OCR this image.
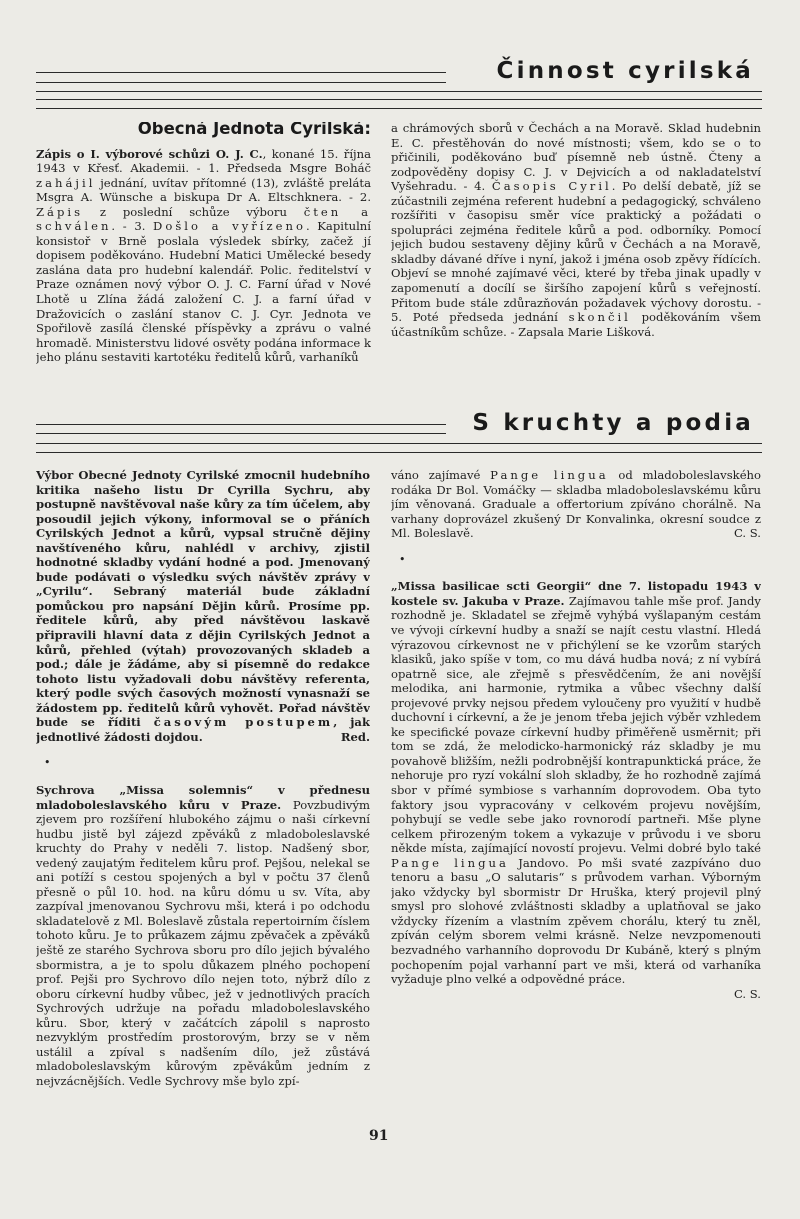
Činnost cyrilská
Obecná Jednota Cyrilská:

Zápis o I. výborové schůzi O. J. C., konané 15. října 1943 v Křesť. Akademii. - 1. Předseda Msgre Boháč zahájil jednání, uvítav přítomné (13), zvláště preláta Msgra A. Wünsche a biskupa Dr A. Eltschknera. - 2. Zápis z poslední schůze výboru čten a schválen. - 3. Došlo a vyřízeno. Kapitulní konsistoř v Brně poslala výsledek sbírky, začež jí dopisem poděkováno. Hudební Matici Umělecké besedy zaslána data pro hudební kalendář. Polic. ředitelství v Praze oznámen nový výbor O. J. C. Farní úřad v Nové Lhotě u Zlína žádá založení C. J. a farní úřad v Dražovicích o zaslání stanov C. J. Cyr. Jednota ve Spořilově zasílá členské příspěvky a zprávu o valné hromadě. Ministerstvu lidové osvěty podána informace k jeho plánu sestaviti kartotéku ředitelů kůrů, varhaníků

a chrámových sborů v Čechách a na Moravě. Sklad hudebnin E. C. přestěhován do nové místnosti; všem, kdo se o to přičinili, poděkováno buď písemně neb ústně. Čteny a zodpověděny dopisy C. J. v Dejvicích a od nakladatelství Vyšehradu. - 4. Časopis Cyril. Po delší debatě, jíž se zúčastnili zejména referent hudební a pedagogický, schváleno rozšířiti v časopisu směr více praktický a požádati o spolupráci zejména ředitele kůrů a pod. odborníky. Pomocí jejich budou sestaveny dějiny kůrů v Čechách a na Moravě, skladby dávané dříve i nyní, jakož i jména osob zpěvy řídících. Objeví se mnohé zajímavé věci, které by třeba jinak upadly v zapomenutí a docílí se širšího zapojení kůrů s veřejností. Přitom bude stále zdůrazňován požadavek výchovy dorostu. - 5. Poté předseda jednání skončil poděkováním všem účastníkům schůze. - Zapsala Marie Lišková.

S kruchty a podia

Výbor Obecné Jednoty Cyrilské zmocnil hudebního kritika našeho listu Dr Cyrilla Sychru, aby postupně navštěvoval naše kůry za tím účelem, aby posoudil jejich výkony, informoval se o přáních Cyrilských Jednot a kůrů, vypsal stručně dějiny navštíveného kůru, nahlédl v archivy, zjistil hodnotné skladby vydání hodné a pod. Jmenovaný bude podávati o výsledku svých návštěv zprávy v „Cyrilu“. Sebraný materiál bude základní pomůckou pro napsání Dějin kůrů. Prosíme pp. ředitele kůrů, aby před návštěvou laskavě připravili hlavní data z dějin Cyrilských Jednot a kůrů, přehled (výtah) provozovaných skladeb a pod.; dále je žádáme, aby si písemně do redakce tohoto listu vyžadovali dobu návštěvy referenta, který podle svých časových možností vynasnaží se žádostem pp. ředitelů kůrů vyhovět. Pořad návštěv bude se říditi časovým postupem, jak jednotlivé žádosti dojdou.	Red.
•

Sychrova „Missa solemnis“ v přednesu mladoboleslavského kůru v Praze. Povzbudivým zjevem pro rozšíření hlubokého zájmu o naši církevní hudbu jistě byl zájezd zpěváků z mladoboleslavské kruchty do Prahy v neděli 7. listop. Nadšený sbor, vedený zaujatým ředitelem kůru prof. Pejšou, nelekal se ani potíží s cestou spojených a byl v počtu 37 členů přesně o půl 10. hod. na kůru dómu u sv. Víta, aby zazpíval jmenovanou Sychrovu mši, která i po odchodu skladatelově z Ml. Boleslavě zůstala repertoirním číslem tohoto kůru. Je to průkazem zájmu zpěvaček a zpěváků ještě ze starého Sychrova sboru pro dílo jejich bývalého sbormistra, a je to spolu důkazem plného pochopení prof. Pejši pro Sychrovo dílo nejen toto, nýbrž dílo z oboru církevní hudby vůbec, jež v jednotlivých pracích Sychrových udržuje na pořadu mladoboleslavského kůru. Sbor, který v začátcích zápolil s naprosto nezvyklým prostředím prostorovým, brzy se v něm ustálil a zpíval s nadšením dílo, jež zůstává mladoboleslavským kůrovým zpěvákům jedním z nejvzácnějších. Vedle Sychrovy mše bylo zpí-

váno zajímavé Pange lingua od mladoboleslavského rodáka Dr Bol. Vomáčky — skladba mladoboleslavskému kůru jím věnovaná. Graduale a offertorium zpíváno chorálně. Na varhany doprovázel zkušený Dr Konvalinka, okresní soudce z Ml. Boleslavě.	C. S.
•

„Missa basilicae scti Georgii“ dne 7. listopadu 1943 v kostele sv. Jakuba v Praze. Zajímavou tahle mše prof. Jandy rozhodně je. Skladatel se zřejmě vyhýbá vyšlapaným cestám ve vývoji církevní hudby a snaží se najít cestu vlastní. Hledá výrazovou církevnost ne v přichýlení se ke vzorům starých klasiků, jako spíše v tom, co mu dává hudba nová; z ní vybírá opatrně sice, ale zřejmě s přesvědčením, že ani novější melodika, ani harmonie, rytmika a vůbec všechny další projevové prvky nejsou předem vyloučeny pro využití v hudbě duchovní i církevní, a že je jenom třeba jejich výběr vzhledem ke specifické povaze církevní hudby přiměřeně usměrnit; při tom se zdá, že melodicko-harmonický ráz skladby je mu povahově bližším, nežli podrobnější kontrapunktická práce, že nehoruje pro ryzí vokální sloh skladby, že ho rozhodně zajímá sbor v přímé symbiose s varhanním doprovodem. Oba tyto faktory jsou vypracovány v celkovém projevu novějším, pohybují se vedle sebe jako rovnorodí partneři. Mše plyne celkem přirozeným tokem a vykazuje v průvodu i ve sboru někde místa, zajímající novostí projevu. Velmi dobré bylo také Pange lingua Jandovo. Po mši svaté zazpíváno duo tenoru a basu „O salutaris“ s průvodem varhan. Výborným jako vždycky byl sbormistr Dr Hruška, který projevil plný smysl pro slohové zvláštnosti skladby a uplatňoval se jako vždycky řízením a vlastním zpěvem chorálu, který tu zněl, zpíván celým sborem velmi krásně. Nelze nevzpomenouti bezvadného varhanního doprovodu Dr Kubáně, který s plným pochopením pojal varhanní part ve mši, která od varhaníka vyžaduje plno velké a odpovědné práce.

C. S.
91
